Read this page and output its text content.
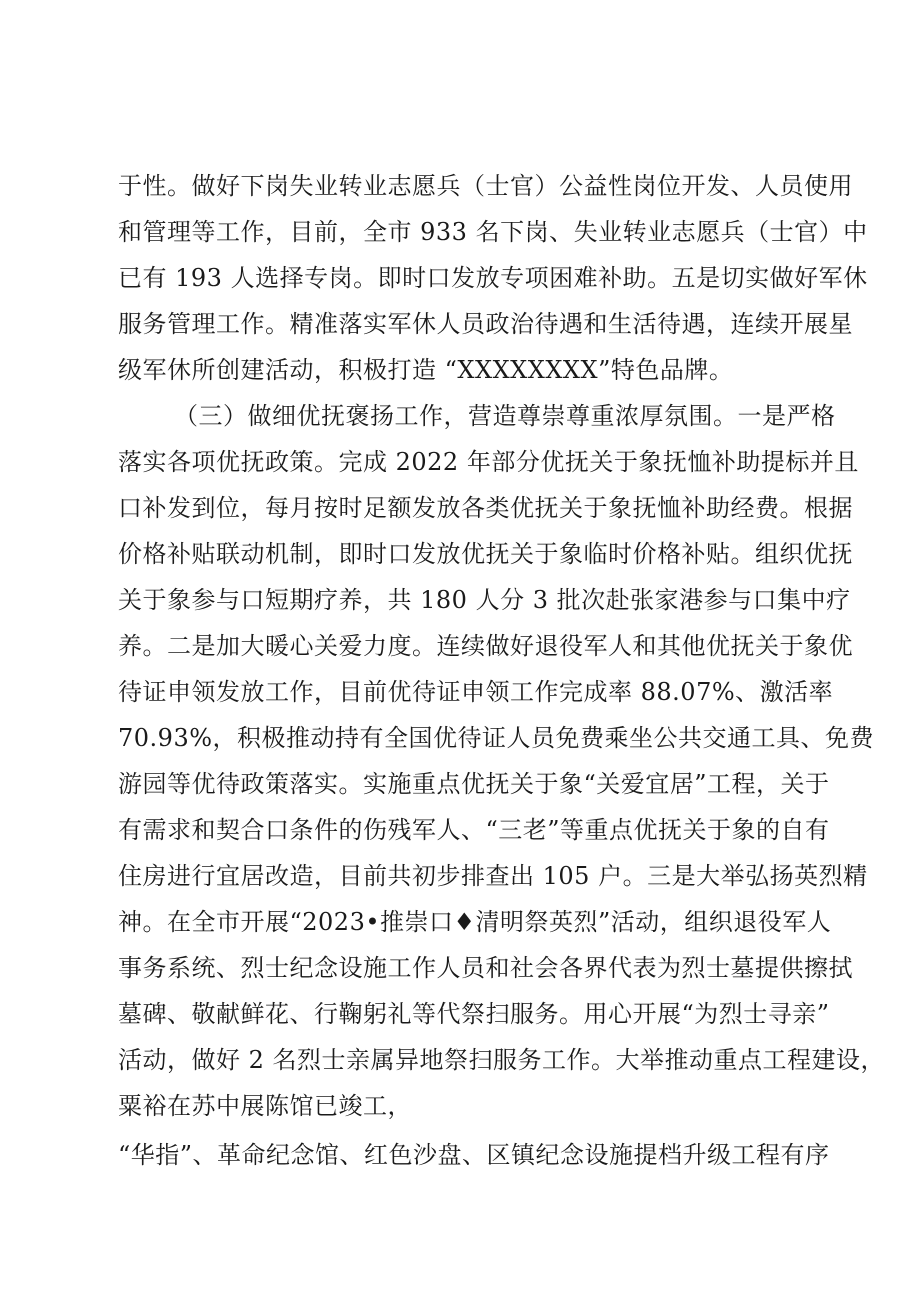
于性。做好下岗失业转业志愿兵（士官）公益性岗位开发、人员使用
和管理等工作，目前，全市 933 名下岗、失业转业志愿兵（士官）中
已有 193 人选择专岗。即时口发放专项困难补助。五是切实做好军休
服务管理工作。精准落实军休人员政治待遇和生活待遇，连续开展星
级军休所创建活动，积极打造 “XXXXXXXX”特色品牌。
（三）做细优抚褒扬工作，营造尊崇尊重浓厚氛围。一是严格
落实各项优抚政策。完成 2022 年部分优抚关于象抚恤补助提标并且
口补发到位，每月按时足额发放各类优抚关于象抚恤补助经费。根据
价格补贴联动机制，即时口发放优抚关于象临时价格补贴。组织优抚
关于象参与口短期疗养，共 180 人分 3 批次赴张家港参与口集中疗
养。二是加大暖心关爱力度。连续做好退役军人和其他优抚关于象优
待证申领发放工作，目前优待证申领工作完成率 88.07%、激活率
70.93%，积极推动持有全国优待证人员免费乘坐公共交通工具、免费
游园等优待政策落实。实施重点优抚关于象“关爱宜居”工程，关于
有需求和契合口条件的伤残军人、“三老”等重点优抚关于象的自有
住房进行宜居改造，目前共初步排查出 105 户。三是大举弘扬英烈精
神。在全市开展“2023•推崇口♦清明祭英烈”活动，组织退役军人
事务系统、烈士纪念设施工作人员和社会各界代表为烈士墓提供擦拭
墓碑、敬献鲜花、行鞠躬礼等代祭扫服务。用心开展“为烈士寻亲”
活动，做好 2 名烈士亲属异地祭扫服务工作。大举推动重点工程建设，
粟裕在苏中展陈馆已竣工，
“华指”、革命纪念馆、红色沙盘、区镇纪念设施提档升级工程有序
